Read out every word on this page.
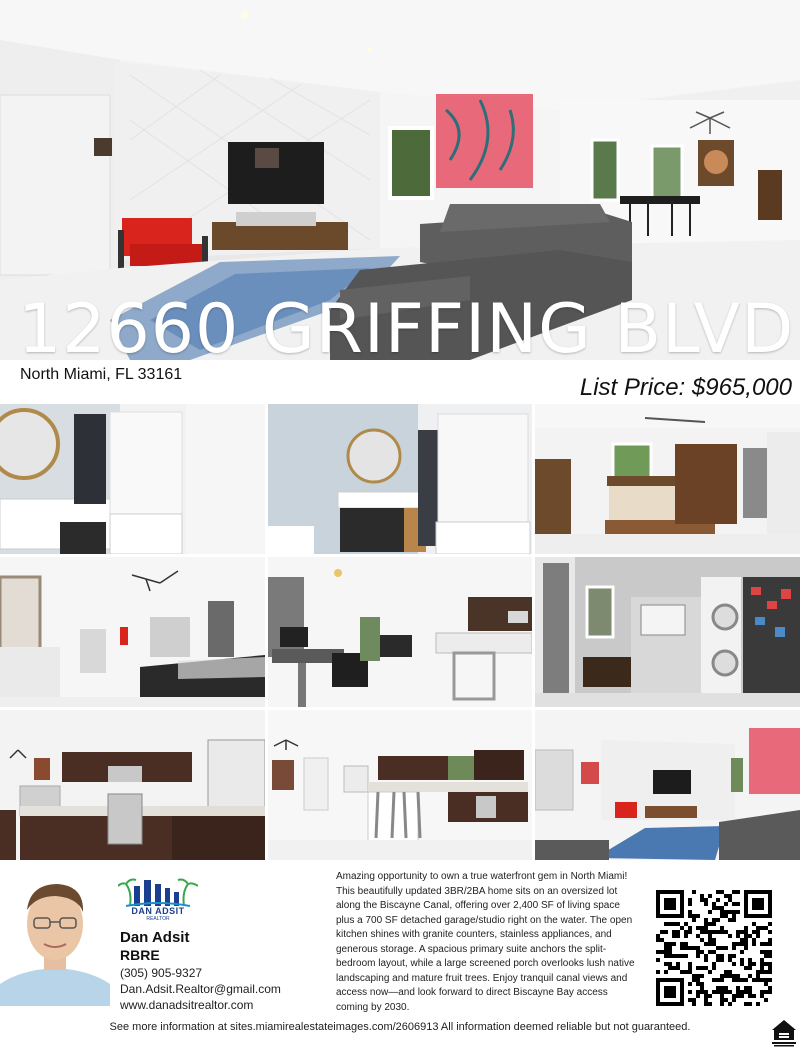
12660 GRIFFING BLVD
North Miami, FL 33161	List Price: $965,000
DAN ADSIT
REALTOR
Dan Adsit
RBRE
(305) 905-9327
Dan.Adsit.Realtor@gmail.com
www.danadsitrealtor.com
Amazing opportunity to own a true waterfront gem in North Miami! This beautifully updated 3BR/2BA home sits on an oversized lot along the Biscayne Canal, offering over 2,400 SF of living space plus a 700 SF detached garage/studio right on the water. The open kitchen shines with granite counters, stainless appliances, and generous storage. A spacious primary suite anchors the split-bedroom layout, while a large screened porch overlooks lush native landscaping and mature fruit trees. Enjoy tranquil canal views and access now—and look forward to direct Biscayne Bay access coming by 2030.
See more information at sites.miamirealestateimages.com/2606913 All information deemed reliable but not guaranteed.
